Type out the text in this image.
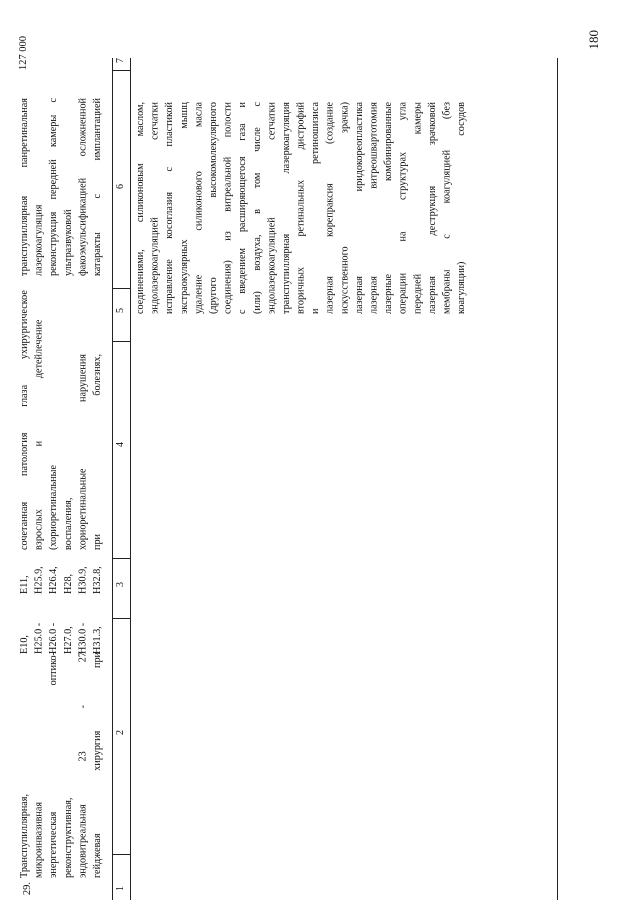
180
1
2
3
4
5
6
7
соединениями, силиконовым маслом, эндолазеркоагуляцией сетчатки исправление косоглазия с пластикой экстраокулярных мышц удаление силиконового масла (другого высокомолекулярного соединения) из витреальной полости с введением расширяющегося газа и (или) воздуха, в том числе с эндолазеркоагуляцией сетчатки транспупиллярная лазеркоагуляция вторичных ретинальных дистрофий и ретиношизиса лазерная корепраксия (создание искусственного зрачка) лазерная иридокореопластика лазерная витреошвартотомия лазерные комбинированные операции на структурах угла передней камеры лазерная деструкция зрачковой мембраны с коагуляцией (без коагуляции) сосудов
29.
Транспупиллярная, микроинвазивная энергетическая оптико- реконструктивная, эндовитреальная 23 - 27 гейджевая хирургия при
E10, H25.0 - H26.0 - H27.0, H30.0 - H31.3,
E11, H25.9, H26.4, H28, H30.9, H32.8,
сочетанная патология глаза у взрослых и детей (хориоретинальные воспаления, хориоретинальные нарушения при болезнях,
хирургическое лечение
транспупиллярная панретинальная лазеркоагуляция реконструкция передней камеры с ультразвуковой факоэмульсификацией осложненной катаракты с имплантацией
127 000
